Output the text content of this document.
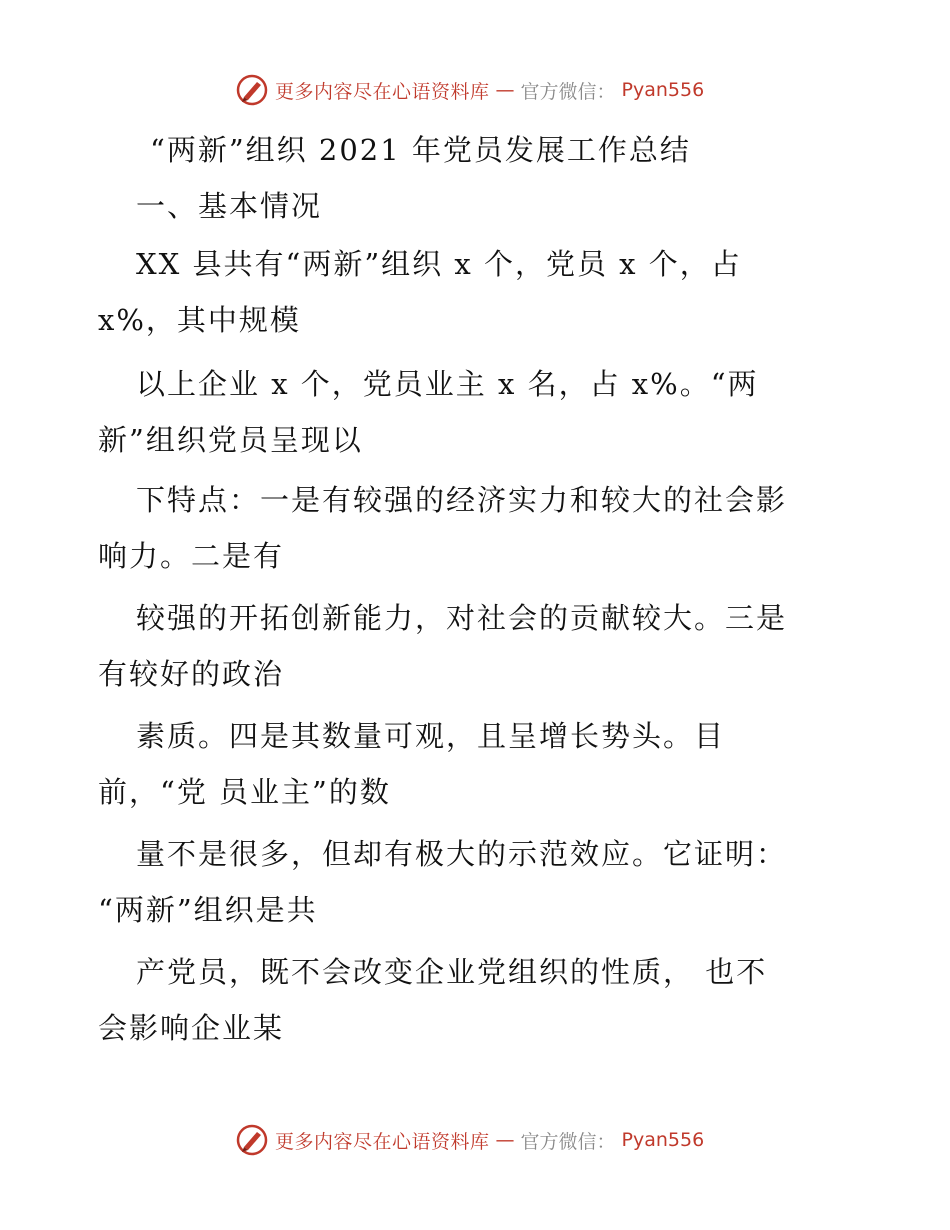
更多内容尽在心语资料库 — 官方微信： Pyan556
“两新”组织 2021 年党员发展工作总结
一、基本情况
XX 县共有“两新”组织 x 个，党员 x 个，占
x%，其中规模
以上企业 x 个，党员业主 x 名，占 x%。“两
新”组织党员呈现以
下特点：一是有较强的经济实力和较大的社会影
响力。二是有
较强的开拓创新能力，对社会的贡献较大。三是
有较好的政治
素质。四是其数量可观，且呈增长势头。目
前，“党 员业主”的数
量不是很多，但却有极大的示范效应。它证明：
“两新”组织是共
产党员，既不会改变企业党组织的性质， 也不
会影响企业某
更多内容尽在心语资料库 — 官方微信： Pyan556
